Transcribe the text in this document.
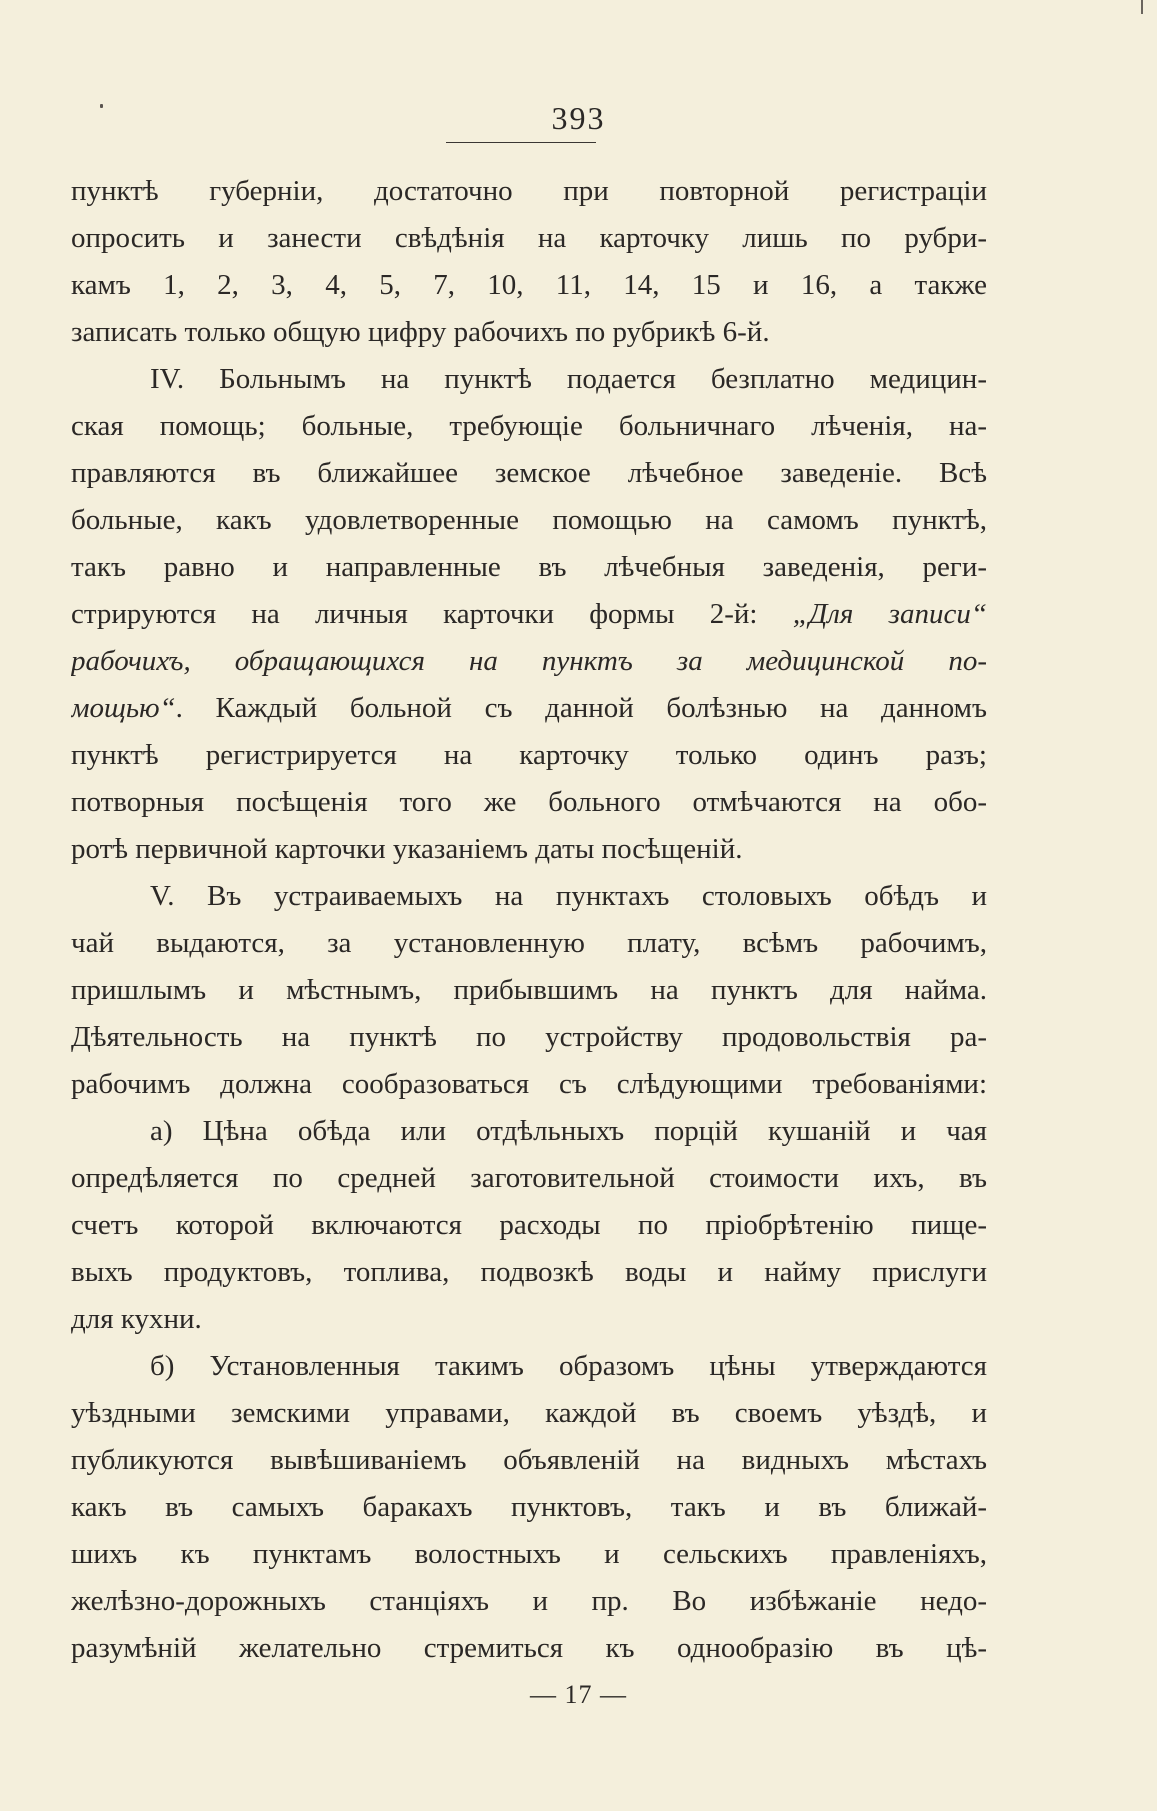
393
пунктѣ губерніи, достаточно при повторной регистраціи
опросить и занести свѣдѣнія на карточку лишь по рубри-
камъ 1, 2, 3, 4, 5, 7, 10, 11, 14, 15 и 16, а также
записать только общую цифру рабочихъ по рубрикѣ 6-й.
IV. Больнымъ на пунктѣ подается безплатно медицин-
ская помощь; больные, требующіе больничнаго лѣченія, на-
правляются въ ближайшее земское лѣчебное заведеніе. Всѣ
больные, какъ удовлетворенные помощью на самомъ пунктѣ,
такъ равно и направленные въ лѣчебныя заведенія, реги-
стрируются на личныя карточки формы 2-й: „Для записи“
рабочихъ, обращающихся на пунктъ за медицинской по-
мощью“. Каждый больной съ данной болѣзнью на данномъ
пунктѣ регистрируется на карточку только одинъ разъ;
потворныя посѣщенія того же больного отмѣчаются на обо-
ротѣ первичной карточки указаніемъ даты посѣщеній.
V. Въ устраиваемыхъ на пунктахъ столовыхъ обѣдъ и
чай выдаются, за установленную плату, всѣмъ рабочимъ,
пришлымъ и мѣстнымъ, прибывшимъ на пунктъ для найма.
Дѣятельность на пунктѣ по устройству продовольствія ра-
рабочимъ должна сообразоваться съ слѣдующими требованіями:
а) Цѣна обѣда или отдѣльныхъ порцій кушаній и чая
опредѣляется по средней заготовительной стоимости ихъ, въ
счетъ которой включаются расходы по пріобрѣтенію пище-
выхъ продуктовъ, топлива, подвозкѣ воды и найму прислуги
для кухни.
б) Установленныя такимъ образомъ цѣны утверждаются
уѣздными земскими управами, каждой въ своемъ уѣздѣ, и
публикуются вывѣшиваніемъ объявленій на видныхъ мѣстахъ
какъ въ самыхъ баракахъ пунктовъ, такъ и въ ближай-
шихъ къ пунктамъ волостныхъ и сельскихъ правленіяхъ,
желѣзно-дорожныхъ станціяхъ и пр. Во избѣжаніе недо-
разумѣній желательно стремиться къ однообразію въ цѣ-
— 17 —
